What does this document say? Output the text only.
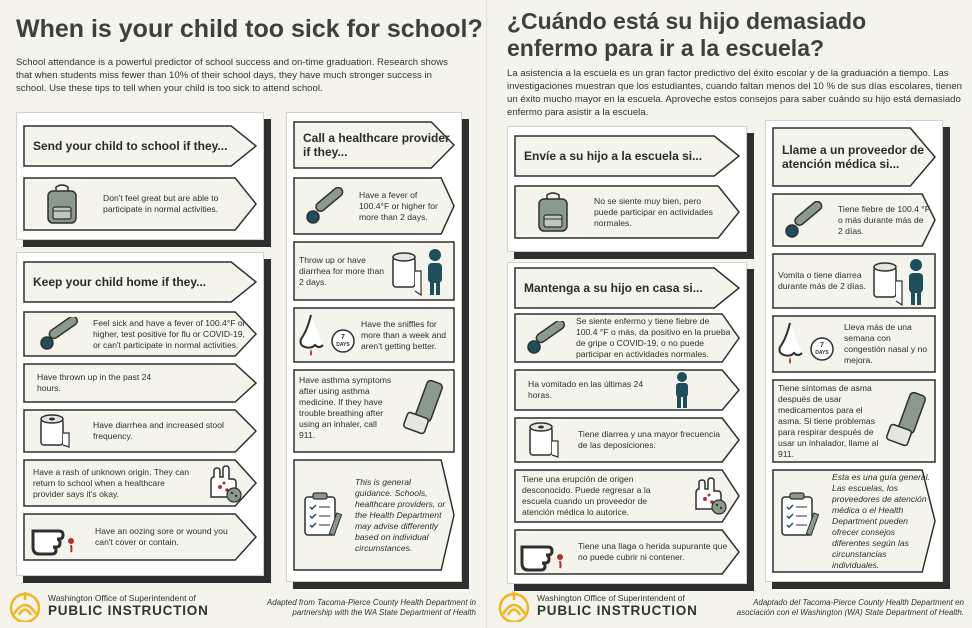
When is your child too sick for school?
School attendance is a powerful predictor of school success and on-time graduation. Research shows that when students miss fewer than 10% of their school days, they have much stronger success in school. Use these tips to tell when your child is too sick to attend school.
Send your child to school if they...
Don't feel great but are able to participate in normal activities.
Keep your child home if they...
Feel sick and have a fever of 100.4°F or higher, test positive for flu or COVID-19, or can't participate in normal activities.
Have thrown up in the past 24 hours.
Have diarrhea and increased stool frequency.
Have a rash of unknown origin. They can return to school when a healthcare provider says it's okay.
Have an oozing sore or wound you can't cover or contain.
Call a healthcare provider if they...
Have a fever of 100.4°F or higher for more than 2 days.
Throw up or have diarrhea for more than 2 days.
7
DAYS
Have the sniffles for more than a week and aren't getting better.
Have asthma symptoms after using asthma medicine. If they have trouble breathing after using an inhaler, call 911.
This is general guidance. Schools, healthcare providers, or the Health Department may advise differently based on individual circumstances.
Washington Office of Superintendent of
PUBLIC INSTRUCTION	Adapted from Tacoma-Pierce County Health Department in partnership with the WA State Department of Health
¿Cuándo está su hijo demasiado enfermo para ir a la escuela?
La asistencia a la escuela es un gran factor predictivo del éxito escolar y de la graduación a tiempo. Las investigaciones muestran que los estudiantes, cuando faltan menos del 10 % de sus días escolares, tienen un éxito mucho mayor en la escuela. Aproveche estos consejos para saber cuándo su hijo está demasiado enfermo para asistir a la escuela.
Envíe a su hijo a la escuela si...
No se siente muy bien, pero puede participar en actividades normales.
Mantenga a su hijo en casa si...
Se siente enfermo y tiene fiebre de 100.4 °F o más, da positivo en la prueba de gripe o COVID-19, o no puede participar en actividades normales.
Ha vomitado en las últimas 24 horas.
Tiene diarrea y una mayor frecuencia de las deposiciones.
Tiene una erupción de origen desconocido. Puede regresar a la escuela cuando un proveedor de atención médica lo autorice.
Tiene una llaga o herida supurante que no puede cubrir ni contener.
Llame a un proveedor de atención médica si...
Tiene fiebre de 100.4 °F o más durante más de 2 días.
Vomita o tiene diarrea durante más de 2 días.
7
DAYS
Lleva más de una semana con congestión nasal y no mejora.
Tiene síntomas de asma después de usar medicamentos para el asma. Si tiene problemas para respirar después de usar un inhalador, llame al 911.
Esta es una guía general. Las escuelas, los proveedores de atención médica o el Health Department pueden ofrecer consejos diferentes según las circunstancias individuales.
Washington Office of Superintendent of
PUBLIC INSTRUCTION	Adaptado del Tacoma-Pierce County Health Department en asociación con el Washington (WA) State Department of Health.
